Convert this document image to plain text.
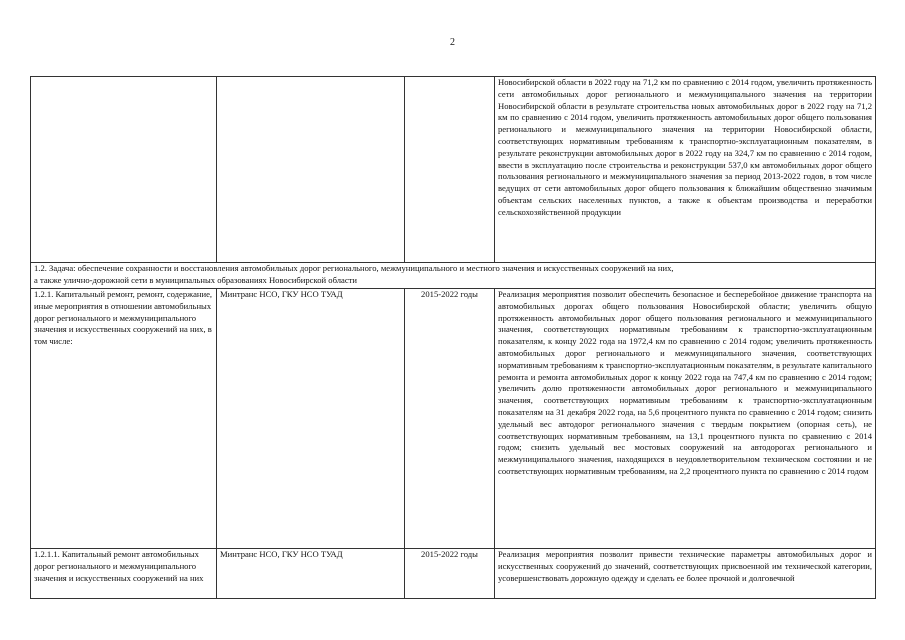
2
			Новосибирской области в 2022 году на 71,2 км по сравнению с 2014 годом, увеличить протяженность сети автомобильных дорог регионального и межмуниципального значения на территории Новосибирской области в результате строительства новых автомобильных дорог в 2022 году на 71,2 км по сравнению с 2014 годом, увеличить протяженность автомобильных дорог общего пользования регионального и межмуниципального значения на территории Новосибирской области, соответствующих нормативным требованиям к транспортно-эксплуатационным показателям, в результате реконструкции автомобильных дорог в 2022 году на 324,7 км по сравнению с 2014 годом, ввести в эксплуатацию после строительства и реконструкции 537,0 км автомобильных дорог общего пользования регионального и межмуниципального значения за период 2013-2022 годов, в том числе ведущих от сети автомобильных дорог общего пользования к ближайшим общественно значимым объектам сельских населенных пунктов, а также к объектам производства и переработки сельскохозяйственной продукции

1.2. Задача: обеспечение сохранности и восстановления автомобильных дорог регионального, межмуниципального и местного значения и искусственных сооружений на них,
а также улично-дорожной сети в муниципальных образованиях Новосибирской области			

1.2.1. Капитальный ремонт, ремонт, содержание, иные мероприятия в отношении автомобильных дорог регионального и межмуниципального значения и искусственных сооружений на них, в том числе:	Минтранс НСО, ГКУ НСО ТУАД	2015-2022 годы	Реализация мероприятия позволит обеспечить безопасное и бесперебойное движение транспорта на автомобильных дорогах общего пользования Новосибирской области; увеличить общую протяженность автомобильных дорог общего пользования регионального и межмуниципального значения, соответствующих нормативным требованиям к транспортно-эксплуатационным показателям, к концу 2022 года на 1972,4 км по сравнению с 2014 годом; увеличить протяженность автомобильных дорог регионального и межмуниципального значения, соответствующих нормативным требованиям к транспортно-эксплуатационным показателям, в результате капитального ремонта и ремонта автомобильных дорог к концу 2022 года на 747,4 км по сравнению с 2014 годом; увеличить долю протяженности автомобильных дорог регионального и межмуниципального значения, соответствующих нормативным требованиям к транспортно-эксплуатационным показателям на 31 декабря 2022 года, на 5,6 процентного пункта по сравнению с 2014 годом; снизить удельный вес автодорог регионального значения с твердым покрытием (опорная сеть), не соответствующих нормативным требованиям, на 13,1 процентного пункта по сравнению с 2014 годом; снизить удельный вес мостовых сооружений на автодорогах регионального и межмуниципального значения, находящихся в неудовлетворительном техническом состоянии и не соответствующих нормативным требованиям, на 2,2 процентного пункта по сравнению с 2014 годом
1.2.1.1. Капитальный ремонт автомобильных дорог регионального и межмуниципального значения и искусственных сооружений на них	Минтранс НСО, ГКУ НСО ТУАД	2015-2022 годы	Реализация мероприятия позволит привести технические параметры автомобильных дорог и искусственных сооружений до значений, соответствующих присвоенной им технической категории, усовершенствовать дорожную одежду и сделать ее более прочной и долговечной
